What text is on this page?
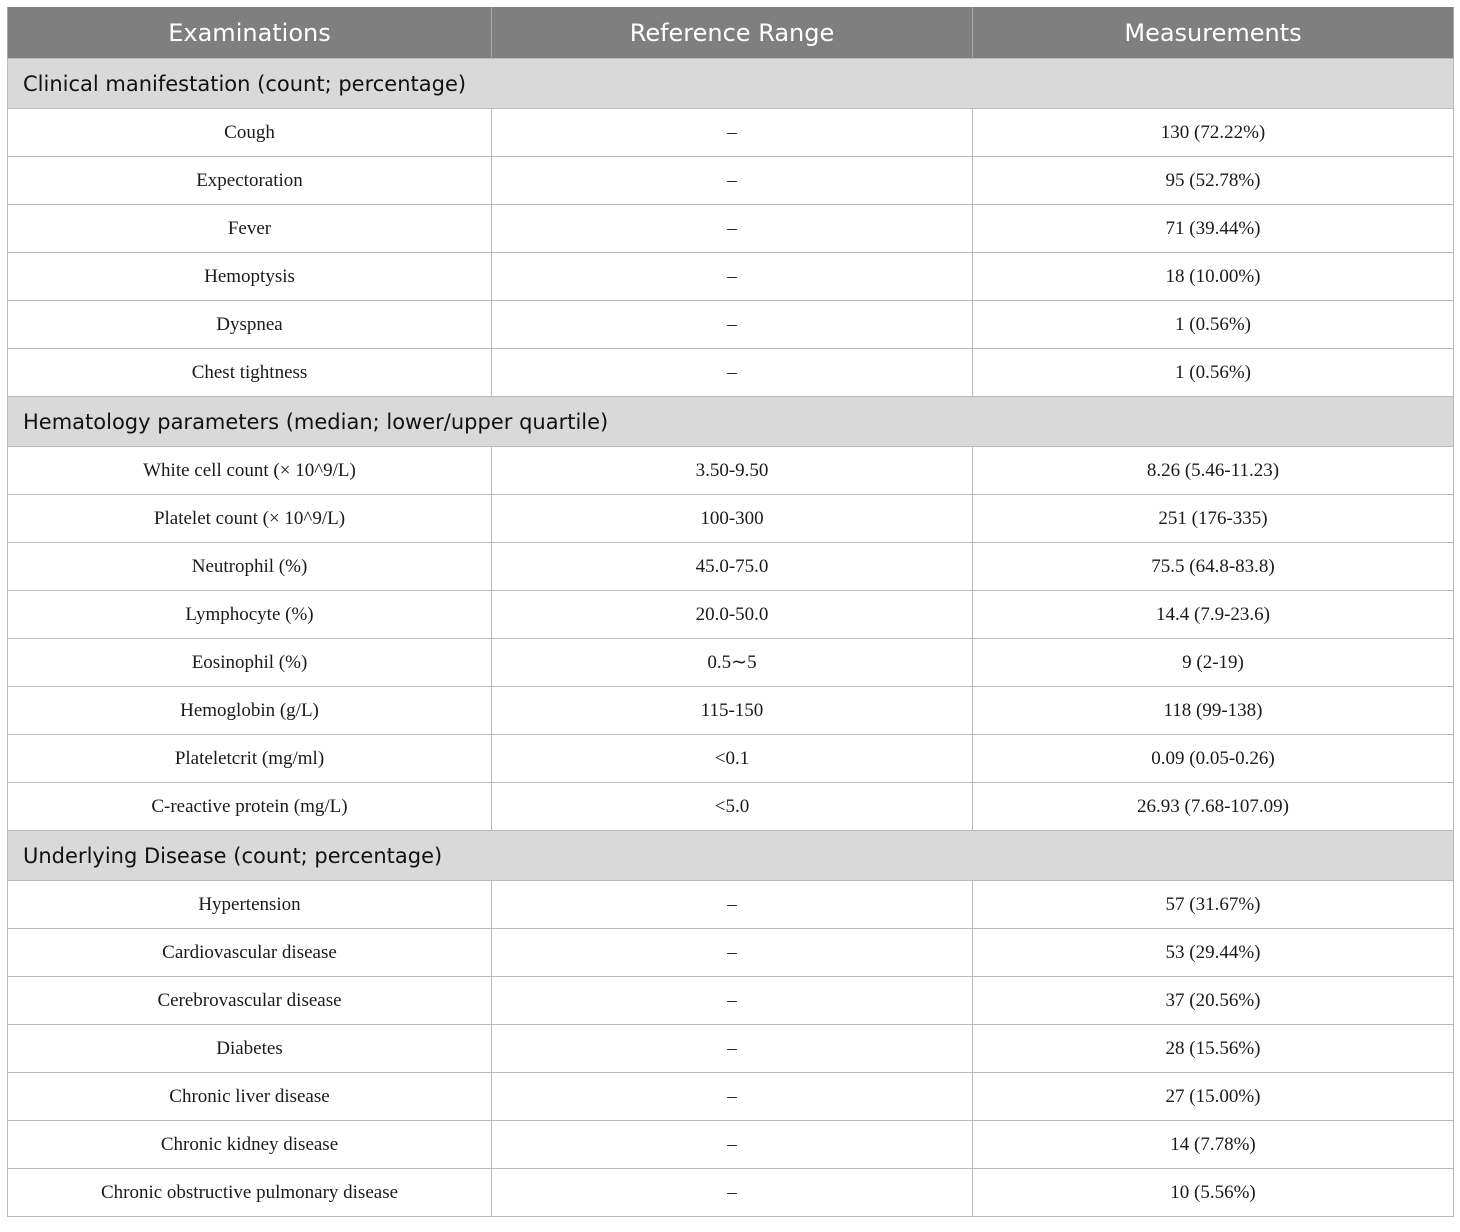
Examinations	Reference Range	Measurements
Clinical manifestation (count; percentage)		
Cough	–	130 (72.22%)
Expectoration	–	95 (52.78%)
Fever	–	71 (39.44%)
Hemoptysis	–	18 (10.00%)
Dyspnea	–	1 (0.56%)
Chest tightness	–	1 (0.56%)
Hematology parameters (median; lower/upper quartile)		
White cell count (× 10^9/L)	3.50-9.50	8.26 (5.46-11.23)
Platelet count (× 10^9/L)	100-300	251 (176-335)
Neutrophil (%)	45.0-75.0	75.5 (64.8-83.8)
Lymphocyte (%)	20.0-50.0	14.4 (7.9-23.6)
Eosinophil (%)	0.5∼5	9 (2-19)
Hemoglobin (g/L)	115-150	118 (99-138)
Plateletcrit (mg/ml)	<0.1	0.09 (0.05-0.26)
C-reactive protein (mg/L)	<5.0	26.93 (7.68-107.09)
Underlying Disease (count; percentage)		
Hypertension	–	57 (31.67%)
Cardiovascular disease	–	53 (29.44%)
Cerebrovascular disease	–	37 (20.56%)
Diabetes	–	28 (15.56%)
Chronic liver disease	–	27 (15.00%)
Chronic kidney disease	–	14 (7.78%)
Chronic obstructive pulmonary disease	–	10 (5.56%)
